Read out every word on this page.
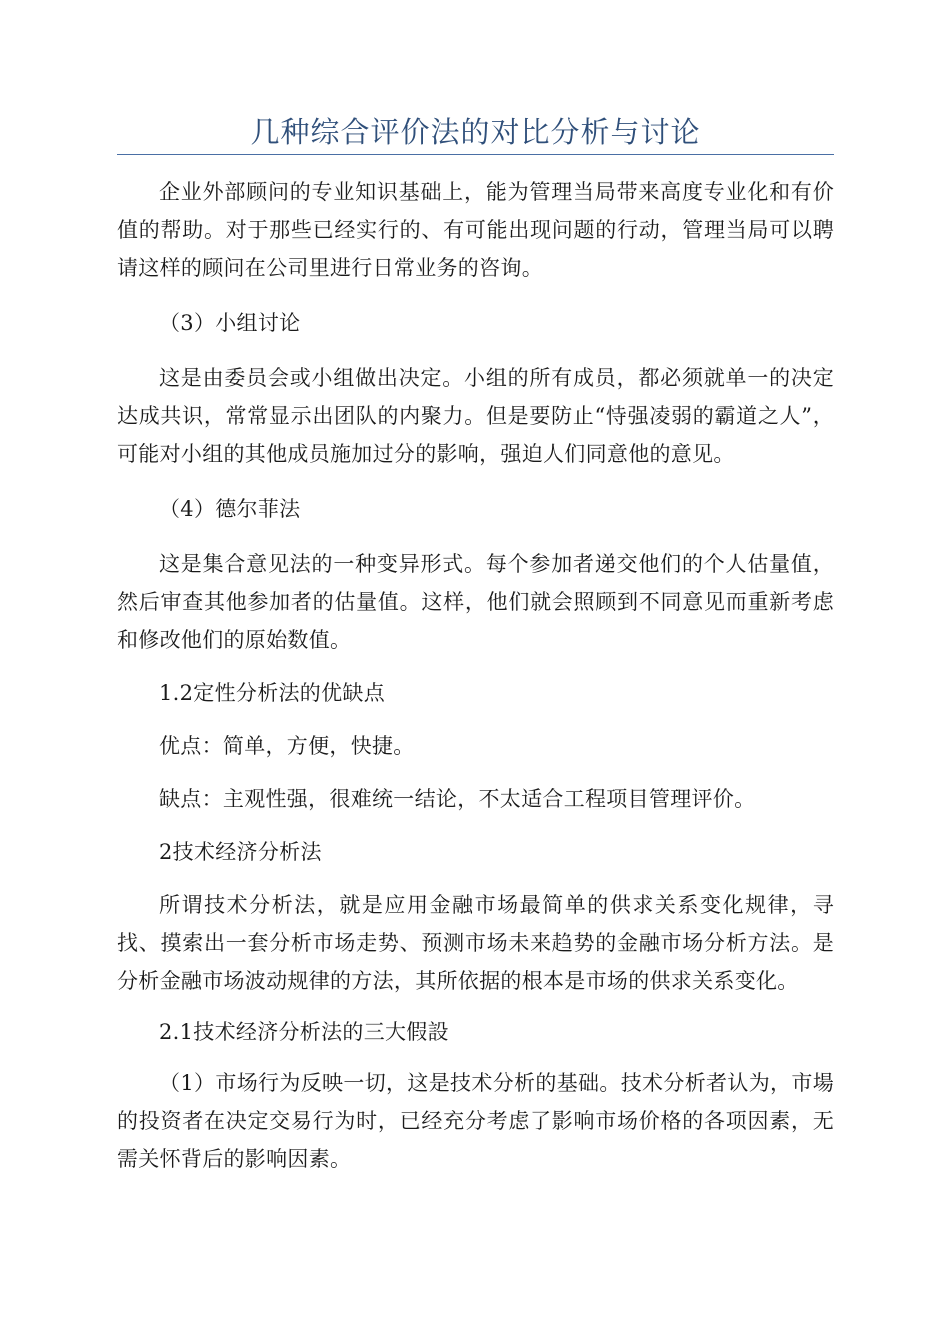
几种综合评价法的对比分析与讨论

企业外部顾问的专业知识基础上，能为管理当局带来高度专业化和有价值的帮助。对于那些已经实行的、有可能出现问题的行动，管理当局可以聘请这样的顾问在公司里进行日常业务的咨询。

（3）小组讨论

这是由委员会或小组做出决定。小组的所有成员，都必须就单一的决定达成共识，常常显示出团队的内聚力。但是要防止“恃强凌弱的霸道之人”，可能对小组的其他成员施加过分的影响，强迫人们同意他的意见。

（4）德尔菲法

这是集合意见法的一种变异形式。每个参加者递交他们的个人估量值，然后审查其他参加者的估量值。这样，他们就会照顾到不同意见而重新考虑和修改他们的原始数值。

1.2定性分析法的优缺点

优点：简单，方便，快捷。

缺点：主观性强，很难统一结论，不太适合工程项目管理评价。

2技术经济分析法

所谓技术分析法，就是应用金融市场最简单的供求关系变化规律，寻找、摸索出一套分析市场走势、预测市场未来趋势的金融市场分析方法。是分析金融市场波动规律的方法，其所依据的根本是市场的供求关系变化。

2.1技术经济分析法的三大假設

（1）市场行为反映一切，这是技术分析的基础。技术分析者认为，市場的投资者在决定交易行为时，已经充分考虑了影响市场价格的各项因素，无需关怀背后的影响因素。
